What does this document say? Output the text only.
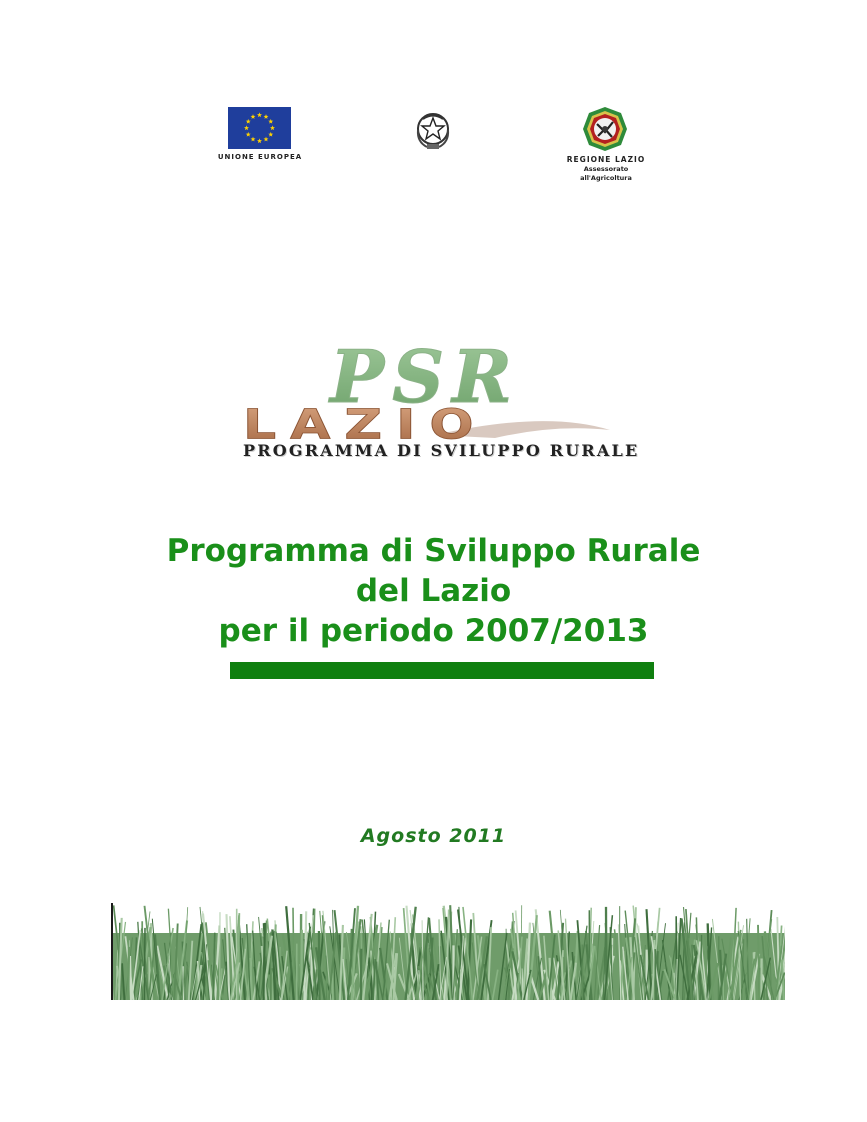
UNIONE EUROPEA	REGIONE LAZIO
Assessorato
all'Agricoltura
PSR
LAZIO
PROGRAMMA DI SVILUPPO RURALE
Programma di Sviluppo Rurale
del Lazio
per il periodo 2007/2013
Agosto 2011
